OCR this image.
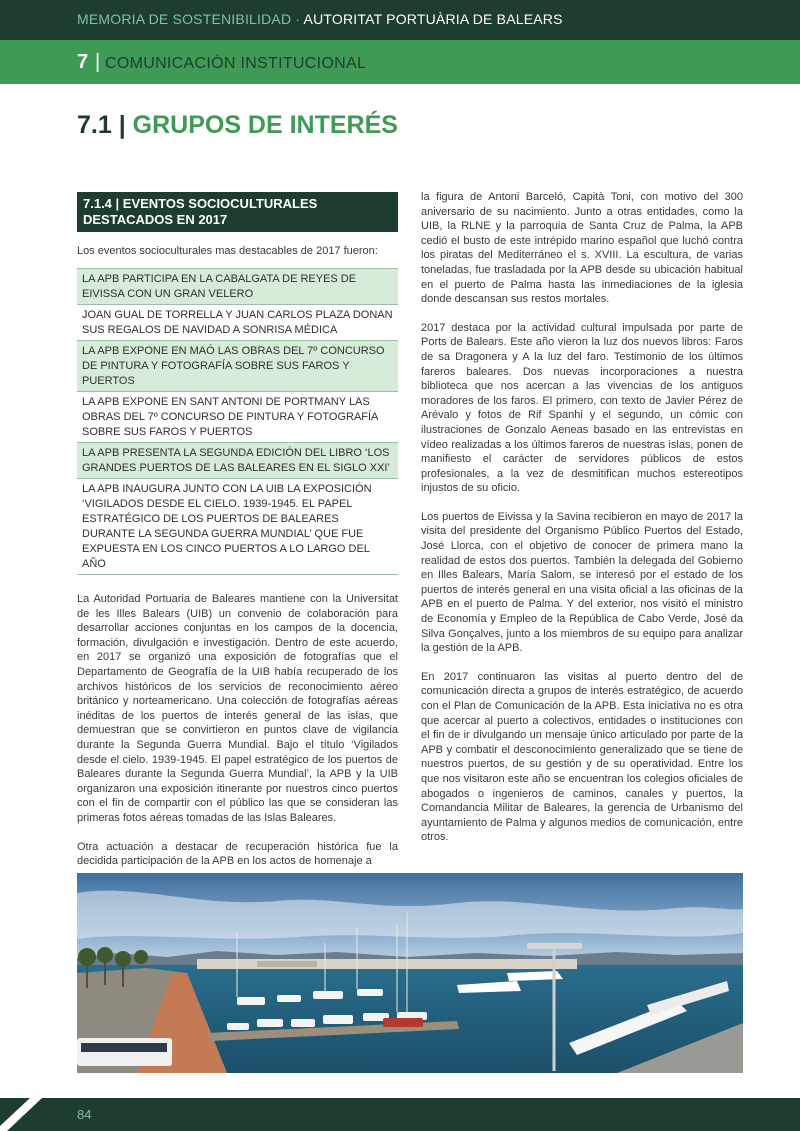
MEMORIA DE SOSTENIBILIDAD · AUTORITAT PORTUÀRIA DE BALEARS
7 | COMUNICACIÓN INSTITUCIONAL
7.1 | GRUPOS DE INTERÉS
7.1.4 | EVENTOS SOCIOCULTURALES DESTACADOS EN 2017
Los eventos socioculturales mas destacables de 2017 fueron:
LA APB PARTICIPA EN LA CABALGATA DE REYES DE EIVISSA CON UN GRAN VELERO
JOAN GUAL DE TORRELLA Y JUAN CARLOS PLAZA DONAN SUS REGALOS DE NAVIDAD A SONRISA MÉDICA
LA APB EXPONE EN MAÓ LAS OBRAS DEL 7º CONCURSO DE PINTURA Y FOTOGRAFÍA SOBRE SUS FAROS Y PUERTOS
LA APB EXPONE EN SANT ANTONI DE PORTMANY LAS OBRAS DEL 7º CONCURSO DE PINTURA Y FOTOGRAFÍA SOBRE SUS FAROS Y PUERTOS
LA APB PRESENTA LA SEGUNDA EDICIÓN DEL LIBRO ‘LOS GRANDES PUERTOS DE LAS BALEARES EN EL SIGLO XXI’
LA APB INAUGURA JUNTO CON LA UIB LA EXPOSICIÓN ‘VIGILADOS DESDE EL CIELO. 1939-1945. EL PAPEL ESTRATÉGICO DE LOS PUERTOS DE BALEARES DURANTE LA SEGUNDA GUERRA MUNDIAL’ QUE FUE EXPUESTA EN LOS CINCO PUERTOS A LO LARGO DEL AÑO

La Autoridad Portuaria de Baleares mantiene con la Universitat de les Illes Balears (UIB) un convenio de colaboración para desarrollar acciones conjuntas en los campos de la docencia, formación, divulgación e investigación. Dentro de este acuerdo, en 2017 se organizó una exposición de fotografías que el Departamento de Geografía de la UIB había recuperado de los archivos históricos de los servicios de reconocimiento aéreo británico y norteamericano. Una colección de fotografías aéreas inéditas de los puertos de interés general de las islas, que demuestran que se convirtieron en puntos clave de vigilancia durante la Segunda Guerra Mundial. Bajo el título ‘Vigilados desde el cielo. 1939-1945. El papel estratégico de los puertos de Baleares durante la Segunda Guerra Mundial’, la APB y la UIB organizaron una exposición itinerante por nuestros cinco puertos con el fin de compartir con el público las que se consideran las primeras fotos aéreas tomadas de las Islas Baleares.

Otra actuación a destacar de recuperación histórica fue la decidida participación de la APB en los actos de homenaje a

la figura de Antoni Barceló, Capità Toni, con motivo del 300 aniversario de su nacimiento. Junto a otras entidades, como la UIB, la RLNE y la parroquia de Santa Cruz de Palma, la APB cedió el busto de este intrépido marino español que luchó contra los piratas del Mediterráneo el s. XVIII. La escultura, de varias toneladas, fue trasladada por la APB desde su ubicación habitual en el puerto de Palma hasta las inmediaciones de la iglesia donde descansan sus restos mortales.

2017 destaca por la actividad cultural impulsada por parte de Ports de Balears. Este año vieron la luz dos nuevos libros: Faros de sa Dragonera y A la luz del faro. Testimonio de los últimos fareros baleares. Dos nuevas incorporaciones a nuestra biblioteca que nos acercan a las vivencias de los antiguos moradores de los faros. El primero, con texto de Javier Pérez de Arévalo y fotos de Rif Spanhi y el segundo, un cómic con ilustraciones de Gonzalo Aeneas basado en las entrevistas en vídeo realizadas a los últimos fareros de nuestras islas, ponen de manifiesto el carácter de servidores públicos de estos profesionales, a la vez de desmitifican muchos estereotipos injustos de su oficio.

Los puertos de Eivissa y la Savina recibieron en mayo de 2017 la visita del presidente del Organismo Público Puertos del Estado, José Llorca, con el objetivo de conocer de primera mano la realidad de estos dos puertos. También la delegada del Gobierno en Illes Balears, María Salom, se interesó por el estado de los puertos de interés general en una visita oficial a las oficinas de la APB en el puerto de Palma. Y del exterior, nos visitó el ministro de Economía y Empleo de la República de Cabo Verde, José da Silva Gonçalves, junto a los miembros de su equipo para analizar la gestión de la APB.

En 2017 continuaron las visitas al puerto dentro del de comunicación directa a grupos de interés estratégico, de acuerdo con el Plan de Comunicación de la APB. Esta iniciativa no es otra que acercar al puerto a colectivos, entidades o instituciones con el fin de ir divulgando un mensaje único articulado por parte de la APB y combatir el desconocimiento generalizado que se tiene de nuestros puertos, de su gestión y de su operatividad. Entre los que nos visitaron este año se encuentran los colegios oficiales de abogados o ingenieros de caminos, canales y puertos, la Comandancia Militar de Baleares, la gerencia de Urbanismo del ayuntamiento de Palma y algunos medios de comunicación, entre otros.

84
